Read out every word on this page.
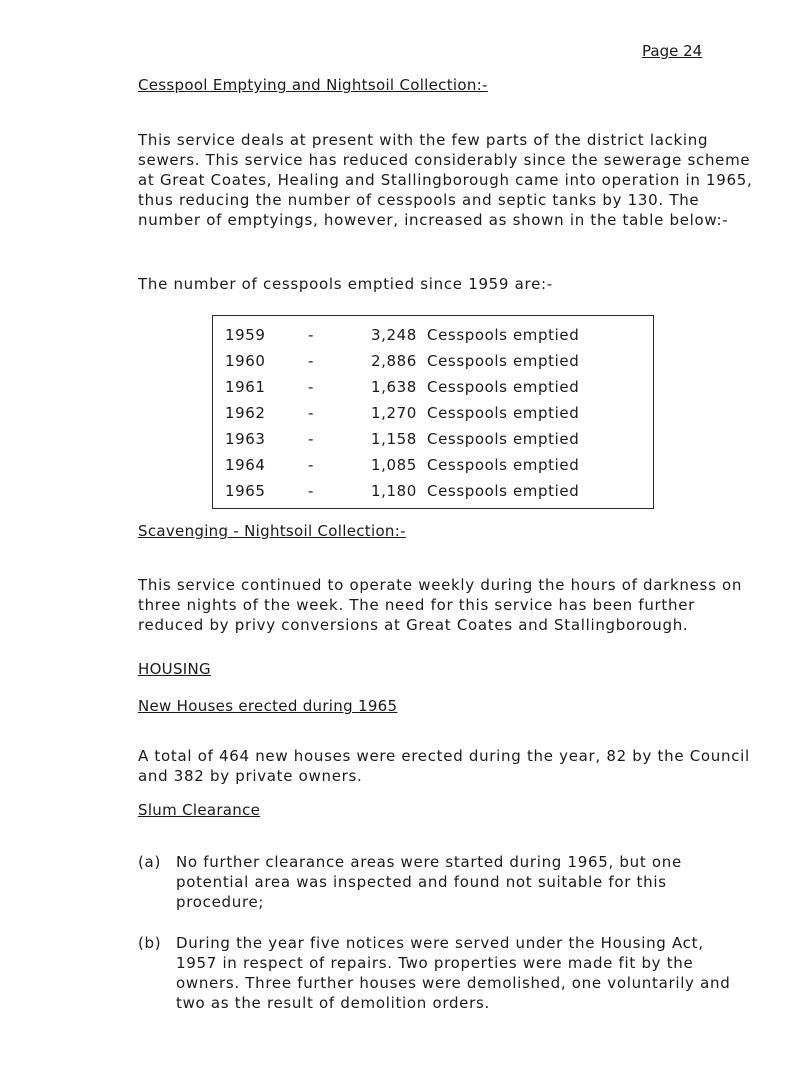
Page 24
Cesspool Emptying and Nightsoil Collection:-

This service deals at present with the few parts of the district lacking sewers. This service has reduced considerably since the sewerage scheme at Great Coates, Healing and Stallingborough came into operation in 1965, thus reducing the number of cesspools and septic tanks by 130. The number of emptyings, however, increased as shown in the table below:-

The number of cesspools emptied since 1959 are:-

1959	-	3,248 Cesspools emptied
1960	-	2,886 Cesspools emptied
1961	-	1,638 Cesspools emptied
1962	-	1,270 Cesspools emptied
1963	-	1,158 Cesspools emptied
1964	-	1,085 Cesspools emptied
1965	-	1,180 Cesspools emptied
Scavenging - Nightsoil Collection:-

This service continued to operate weekly during the hours of darkness on three nights of the week. The need for this service has been further reduced by privy conversions at Great Coates and Stallingborough.

HOUSING
New Houses erected during 1965

A total of 464 new houses were erected during the year, 82 by the Council and 382 by private owners.

Slum Clearance
(a) No further clearance areas were started during 1965, but one potential area was inspected and found not suitable for this procedure;
(b) During the year five notices were served under the Housing Act, 1957 in respect of repairs. Two properties were made fit by the owners. Three further houses were demolished, one voluntarily and two as the result of demolition orders.
